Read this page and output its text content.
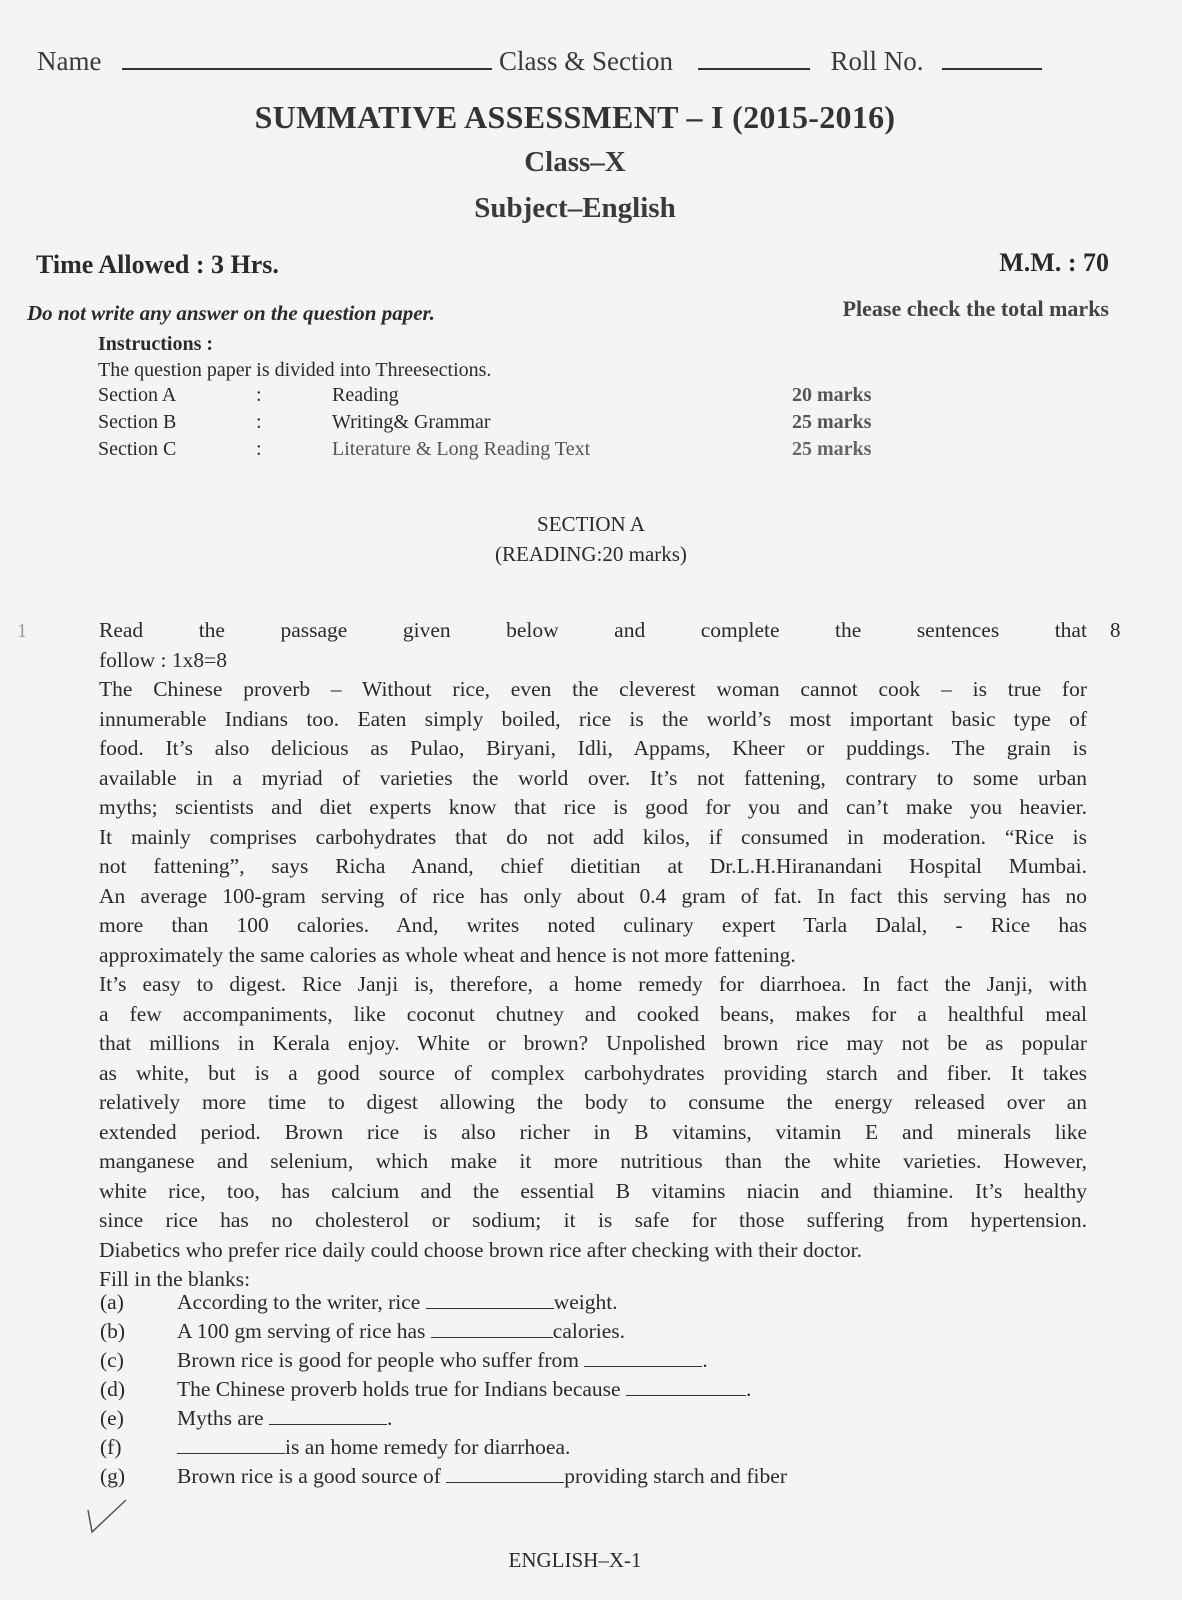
Name	Class & Section	Roll No.
SUMMATIVE ASSESSMENT – I (2015-2016)
Class–X
Subject–English
Time Allowed : 3 Hrs.	M.M. : 70
Do not write any answer on the question paper.	Please check the total marks
Instructions :
The question paper is divided into Threesections.
Section A	:	Reading	20 marks
Section B	:	Writing& Grammar	25 marks
Section C	:	Literature & Long Reading Text	25 marks
SECTION A
(READING:20 marks)
1	8
Read	the	passage	given	below	and	complete	the	sentences	that
follow : 1x8=8
The Chinese proverb – Without rice, even the cleverest woman cannot cook – is true for
innumerable Indians too. Eaten simply boiled, rice is the world’s most important basic type of
food. It’s also delicious as Pulao, Biryani, Idli, Appams, Kheer or puddings. The grain is
available in a myriad of varieties the world over. It’s not fattening, contrary to some urban
myths; scientists and diet experts know that rice is good for you and can’t make you heavier.
It mainly comprises carbohydrates that do not add kilos, if consumed in moderation. “Rice is
not fattening”, says Richa Anand, chief dietitian at Dr.L.H.Hiranandani Hospital Mumbai.
An average 100-gram serving of rice has only about 0.4 gram of fat. In fact this serving has no
more than 100 calories. And, writes noted culinary expert Tarla Dalal, - Rice has
approximately the same calories as whole wheat and hence is not more fattening.
It’s easy to digest. Rice Janji is, therefore, a home remedy for diarrhoea. In fact the Janji, with
a few accompaniments, like coconut chutney and cooked beans, makes for a healthful meal
that millions in Kerala enjoy. White or brown? Unpolished brown rice may not be as popular
as white, but is a good source of complex carbohydrates providing starch and fiber. It takes
relatively more time to digest allowing the body to consume the energy released over an
extended period. Brown rice is also richer in B vitamins, vitamin E and minerals like
manganese and selenium, which make it more nutritious than the white varieties. However,
white rice, too, has calcium and the essential B vitamins niacin and thiamine. It’s healthy
since rice has no cholesterol or sodium; it is safe for those suffering from hypertension.
Diabetics who prefer rice daily could choose brown rice after checking with their doctor.
Fill in the blanks:
(a) According to the writer, rice	weight.
(b) A 100 gm serving of rice has	calories.
(c) Brown rice is good for people who suffer from	.
(d) The Chinese proverb holds true for Indians because	.
(e) Myths are	.
(f)	is an home remedy for diarrhoea.
(g) Brown rice is a good source of	providing starch and fiber
ENGLISH–X-1
